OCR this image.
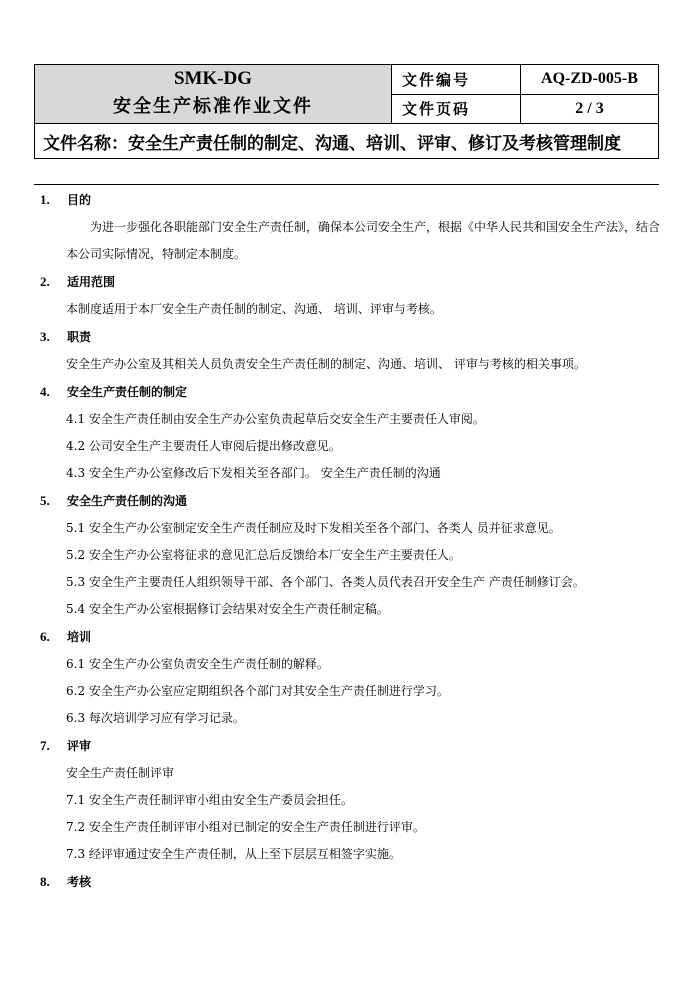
SMK-DG
安全生产标准作业文件	文件编号	AQ-ZD-005-B
	文件页码	2 / 3
文件名称：安全生产责任制的制定、沟通、培训、评审、修订及考核管理制度		
1.	目的
为进一步强化各职能部门安全生产责任制，确保本公司安全生产，根据《中华人民共和国安全生产法》，结合本公司实际情况，特制定本制度。
2.	适用范围
本制度适用于本厂安全生产责任制的制定、沟通、 培训、评审与考核。
3.	职责
安全生产办公室及其相关人员负责安全生产责任制的制定、沟通、培训、 评审与考核的相关事项。
4.	安全生产责任制的制定
4.1 安全生产责任制由安全生产办公室负责起草后交安全生产主要责任人审阅。
4.2 公司安全生产主要责任人审阅后提出修改意见。
4.3 安全生产办公室修改后下发相关至各部门。 安全生产责任制的沟通
5.	安全生产责任制的沟通
5.1 安全生产办公室制定安全生产责任制应及时下发相关至各个部门、各类人 员并征求意见。
5.2 安全生产办公室将征求的意见汇总后反馈给本厂安全生产主要责任人。
5.3 安全生产主要责任人组织领导干部、各个部门、各类人员代表召开安全生产 产责任制修订会。
5.4 安全生产办公室根据修订会结果对安全生产责任制定稿。
6.	培训
6.1 安全生产办公室负责安全生产责任制的解释。
6.2 安全生产办公室应定期组织各个部门对其安全生产责任制进行学习。
6.3 每次培训学习应有学习记录。
7.	评审
安全生产责任制评审
7.1 安全生产责任制评审小组由安全生产委员会担任。
7.2 安全生产责任制评审小组对已制定的安全生产责任制进行评审。
7.3 经评审通过安全生产责任制，从上至下层层互相签字实施。
8.	考核
